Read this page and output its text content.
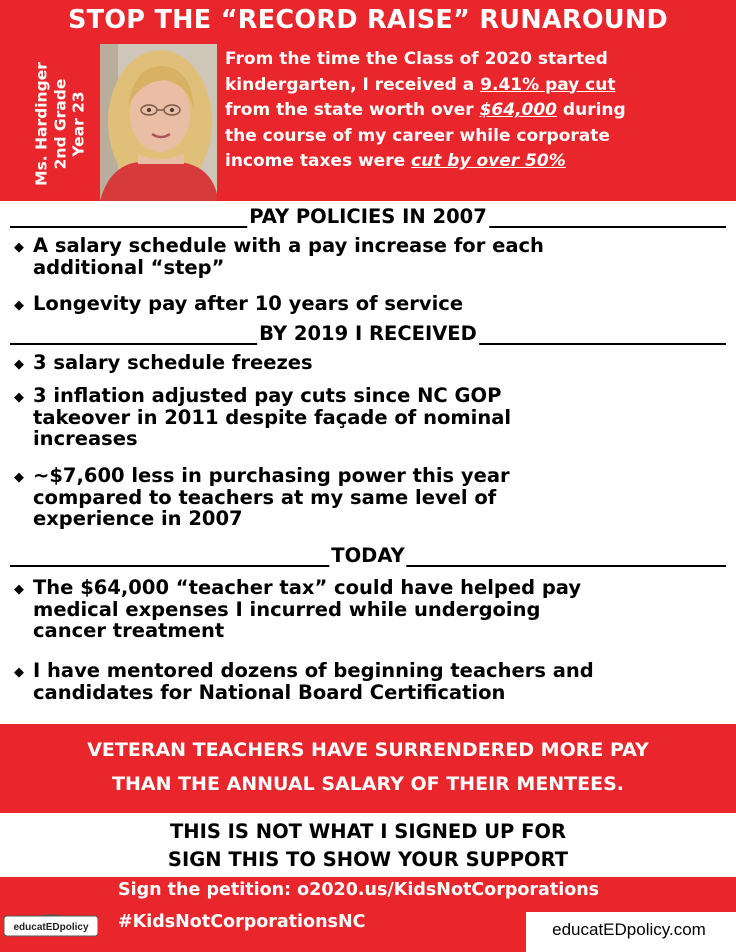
STOP THE “RECORD RAISE” RUNAROUND
Ms. Hardinger 2nd Grade Year 23
From the time the Class of 2020 started
kindergarten, I received a 9.41% pay cut
from the state worth over $64,000 during
the course of my career while corporate
income taxes were cut by over 50%
PAY POLICIES IN 2007
◆ A salary schedule with a pay increase for each
additional “step”
◆ Longevity pay after 10 years of service
BY 2019 I RECEIVED
◆ 3 salary schedule freezes
◆ 3 inflation adjusted pay cuts since NC GOP
takeover in 2011 despite façade of nominal
increases
◆ ~$7,600 less in purchasing power this year
compared to teachers at my same level of
experience in 2007
TODAY
◆ The $64,000 “teacher tax” could have helped pay
medical expenses I incurred while undergoing
cancer treatment
◆ I have mentored dozens of beginning teachers and
candidates for National Board Certification
VETERAN TEACHERS HAVE SURRENDERED MORE PAY
THAN THE ANNUAL SALARY OF THEIR MENTEES.
THIS IS NOT WHAT I SIGNED UP FOR
SIGN THIS TO SHOW YOUR SUPPORT
educatEDpolicy
Sign the petition: o2020.us/KidsNotCorporations
#KidsNotCorporationsNC	educatEDpolicy.com
